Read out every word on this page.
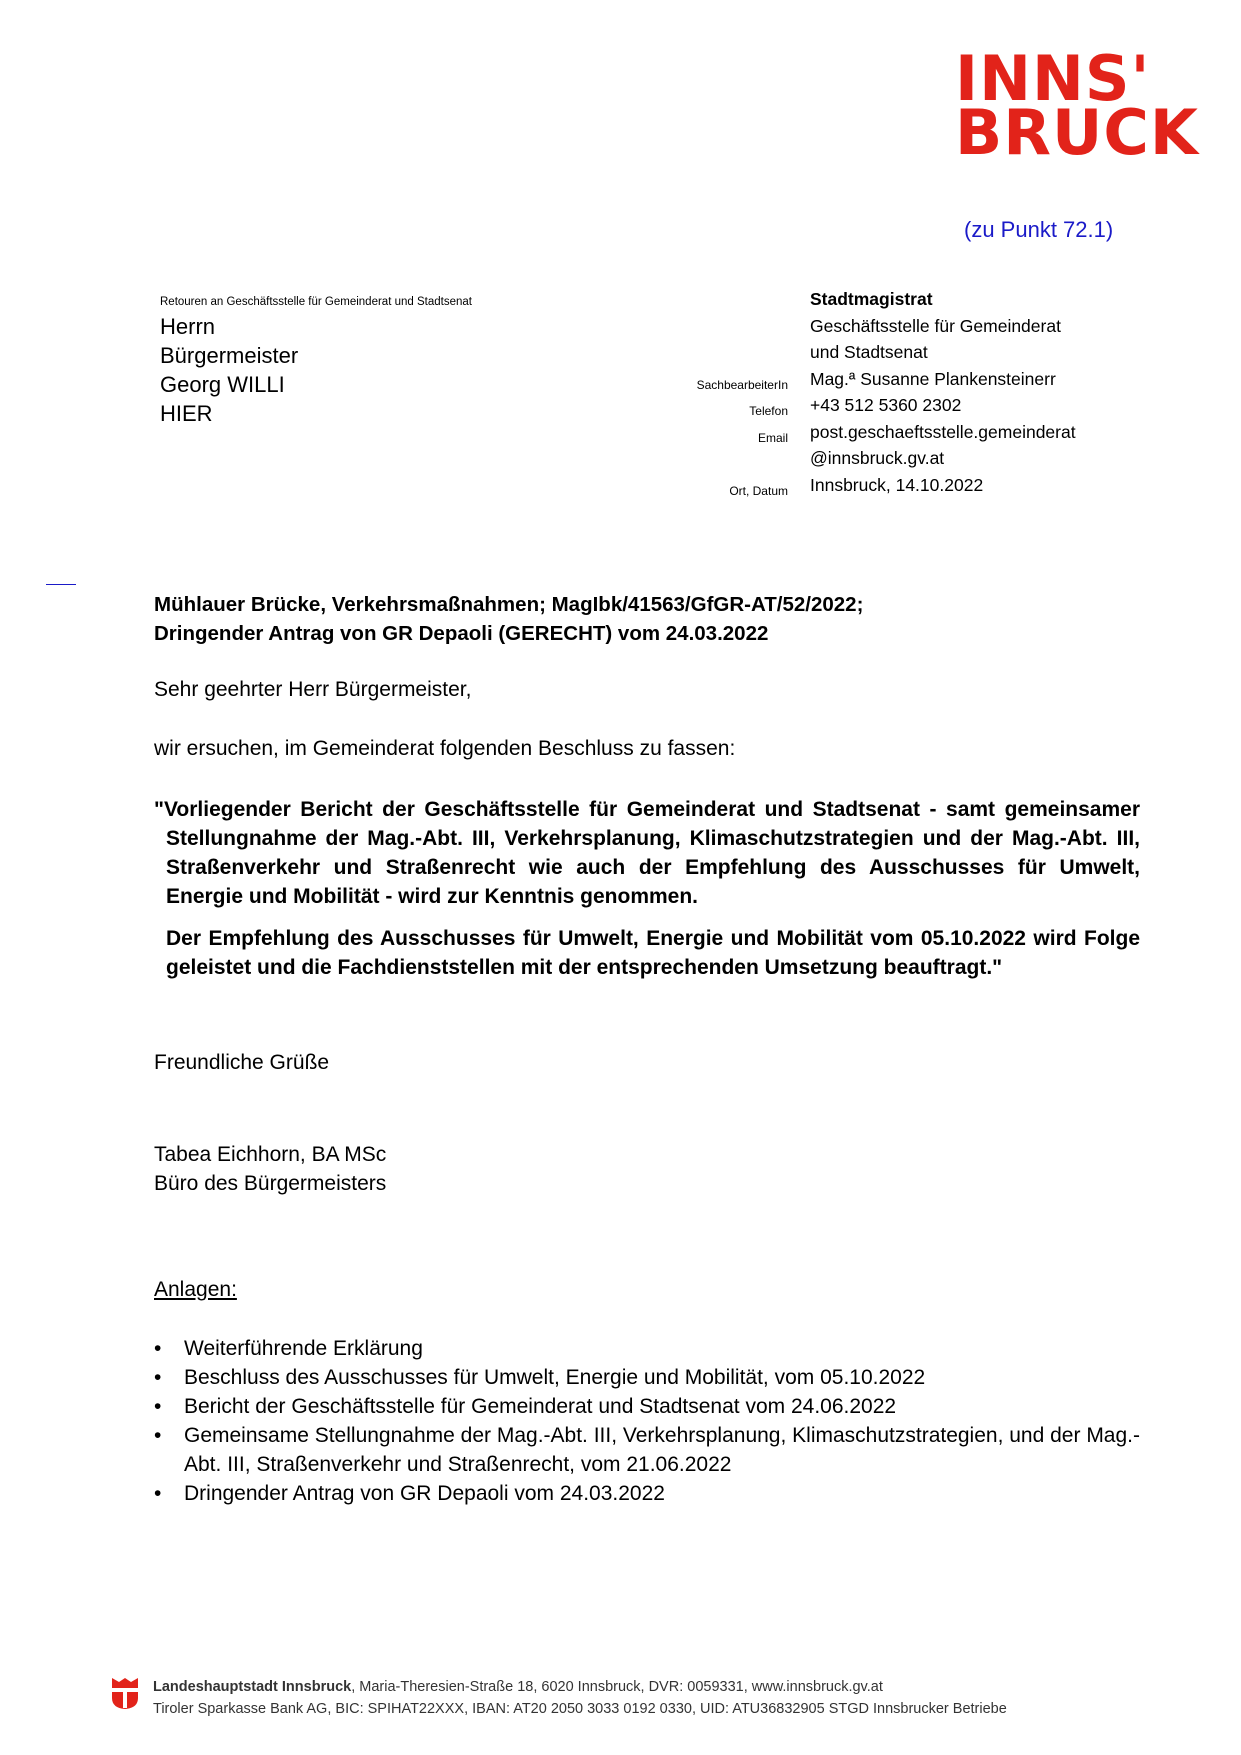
INNS'
BRUCK
(zu Punkt 72.1)
Retouren an Geschäftsstelle für Gemeinderat und Stadtsenat
Herrn
Bürgermeister
Georg WILLI
HIER
SachbearbeiterIn
Telefon
Email
Ort, Datum
Stadtmagistrat
Geschäftsstelle für Gemeinderat
und Stadtsenat
Mag.ª Susanne Plankensteinerr
+43 512 5360 2302
post.geschaeftsstelle.gemeinderat
@innsbruck.gv.at
Innsbruck, 14.10.2022
Mühlauer Brücke, Verkehrsmaßnahmen; MagIbk/41563/GfGR-AT/52/2022;
Dringender Antrag von GR Depaoli (GERECHT) vom 24.03.2022
Sehr geehrter Herr Bürgermeister,
wir ersuchen, im Gemeinderat folgenden Beschluss zu fassen:

"Vorliegender Bericht der Geschäftsstelle für Gemeinderat und Stadtsenat - samt gemeinsamer Stellungnahme der Mag.-Abt. III, Verkehrsplanung, Klimaschutzstrategien und der Mag.-Abt. III, Straßenverkehr und Straßenrecht wie auch der Empfehlung des Ausschusses für Umwelt, Energie und Mobilität - wird zur Kenntnis genommen.

Der Empfehlung des Ausschusses für Umwelt, Energie und Mobilität vom 05.10.2022 wird Folge geleistet und die Fachdienststellen mit der entsprechenden Umsetzung beauftragt."

Freundliche Grüße
Tabea Eichhorn, BA MSc
Büro des Bürgermeisters
Anlagen:
• Weiterführende Erklärung
• Beschluss des Ausschusses für Umwelt, Energie und Mobilität, vom 05.10.2022
• Bericht der Geschäftsstelle für Gemeinderat und Stadtsenat vom 24.06.2022
• Gemeinsame Stellungnahme der Mag.-Abt. III, Verkehrsplanung, Klimaschutzstrategien, und der Mag.-Abt. III, Straßenverkehr und Straßenrecht, vom 21.06.2022
• Dringender Antrag von GR Depaoli vom 24.03.2022
Landeshauptstadt Innsbruck, Maria-Theresien-Straße 18, 6020 Innsbruck, DVR: 0059331, www.innsbruck.gv.at
Tiroler Sparkasse Bank AG, BIC: SPIHAT22XXX, IBAN: AT20 2050 3033 0192 0330, UID: ATU36832905 STGD Innsbrucker Betriebe
